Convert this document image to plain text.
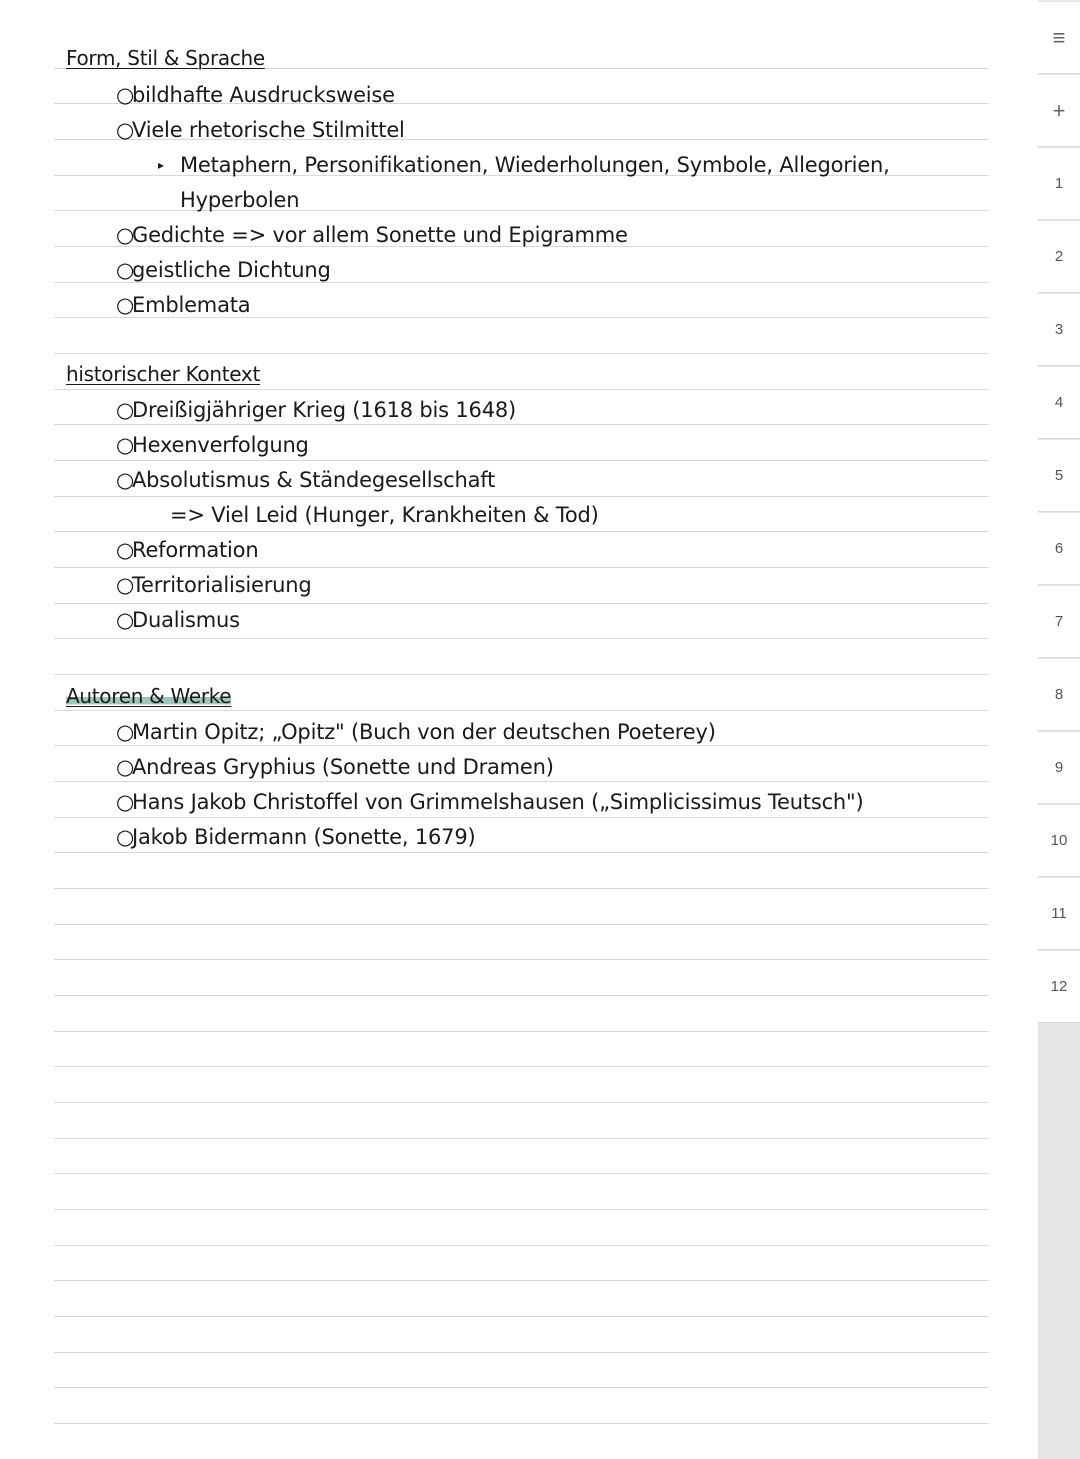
Form, Stil & Sprache
○bildhafte Ausdrucksweise
○Viele rhetorische Stilmittel
▸ Metaphern, Personifikationen, Wiederholungen, Symbole, Allegorien,
Hyperbolen
○Gedichte => vor allem Sonette und Epigramme
○geistliche Dichtung
○Emblemata
historischer Kontext
○Dreißigjähriger Krieg (1618 bis 1648)
○Hexenverfolgung
○Absolutismus & Ständegesellschaft
=> Viel Leid (Hunger, Krankheiten & Tod)
○Reformation
○Territorialisierung
○Dualismus
Autoren & Werke
○Martin Opitz; „Opitz" (Buch von der deutschen Poeterey)
○Andreas Gryphius (Sonette und Dramen)
○Hans Jakob Christoffel von Grimmelshausen („Simplicissimus Teutsch")
○Jakob Bidermann (Sonette, 1679)
≡
+
1
2
3
4
5
6
7
8
9
10
11
12
